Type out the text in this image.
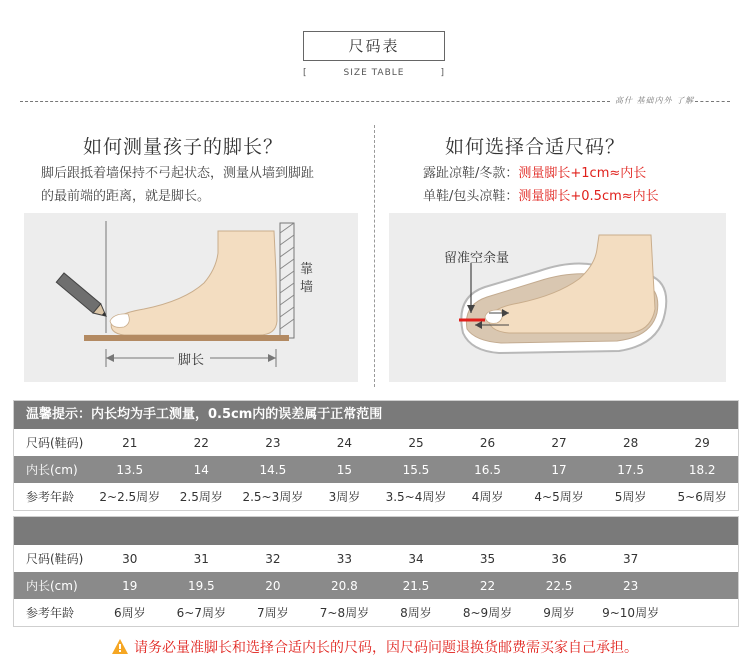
尺码表
[	SIZE TABLE	]
高什 基础内外 了解
如何测量孩子的脚长？
脚后跟抵着墙保持不弓起状态，测量从墙到脚趾
的最前端的距离，就是脚长。
靠
墙
脚长
如何选择合适尺码？
露趾凉鞋/冬款：测量脚长+1cm≈内长
单鞋/包头凉鞋：测量脚长+0.5cm≈内长
留准空余量
温馨提示：内长均为手工测量，0.5cm内的误差属于正常范围
尺码(鞋码)	21	22	23	24	25	26	27	28	29
内长(cm)	13.5	14	14.5	15	15.5	16.5	17	17.5	18.2
参考年龄	2~2.5周岁	2.5周岁	2.5~3周岁	3周岁	3.5~4周岁	4周岁	4~5周岁	5周岁	5~6周岁
尺码(鞋码)	30	31	32	33	34	35	36	37	
内长(cm)	19	19.5	20	20.8	21.5	22	22.5	23	
参考年龄	6周岁	6~7周岁	7周岁	7~8周岁	8周岁	8~9周岁	9周岁	9~10周岁	
请务必量准脚长和选择合适内长的尺码，因尺码问题退换货邮费需买家自己承担。
